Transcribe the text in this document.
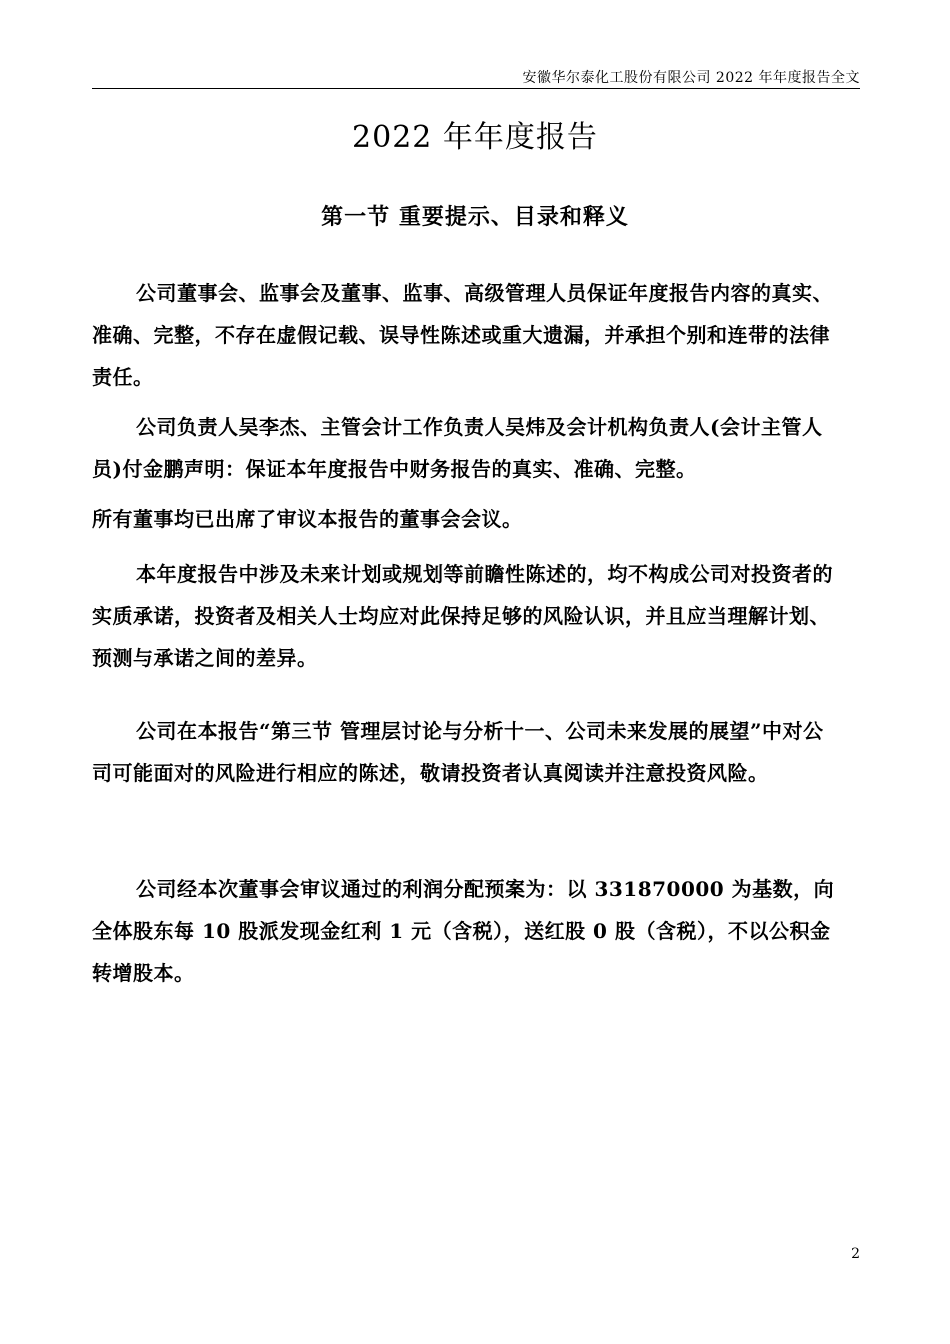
安徽华尔泰化工股份有限公司 2022 年年度报告全文
2022 年年度报告
第一节 重要提示、目录和释义

公司董事会、监事会及董事、监事、高级管理人员保证年度报告内容的真实、准确、完整，不存在虚假记载、误导性陈述或重大遗漏，并承担个别和连带的法律责任。

公司负责人吴李杰、主管会计工作负责人吴炜及会计机构负责人(会计主管人员)付金鹏声明：保证本年度报告中财务报告的真实、准确、完整。

所有董事均已出席了审议本报告的董事会会议。

本年度报告中涉及未来计划或规划等前瞻性陈述的，均不构成公司对投资者的实质承诺，投资者及相关人士均应对此保持足够的风险认识，并且应当理解计划、预测与承诺之间的差异。

公司在本报告“第三节 管理层讨论与分析十一、公司未来发展的展望”中对公司可能面对的风险进行相应的陈述，敬请投资者认真阅读并注意投资风险。

公司经本次董事会审议通过的利润分配预案为：以 331870000 为基数，向全体股东每 10 股派发现金红利 1 元（含税），送红股 0 股（含税），不以公积金转增股本。

2
